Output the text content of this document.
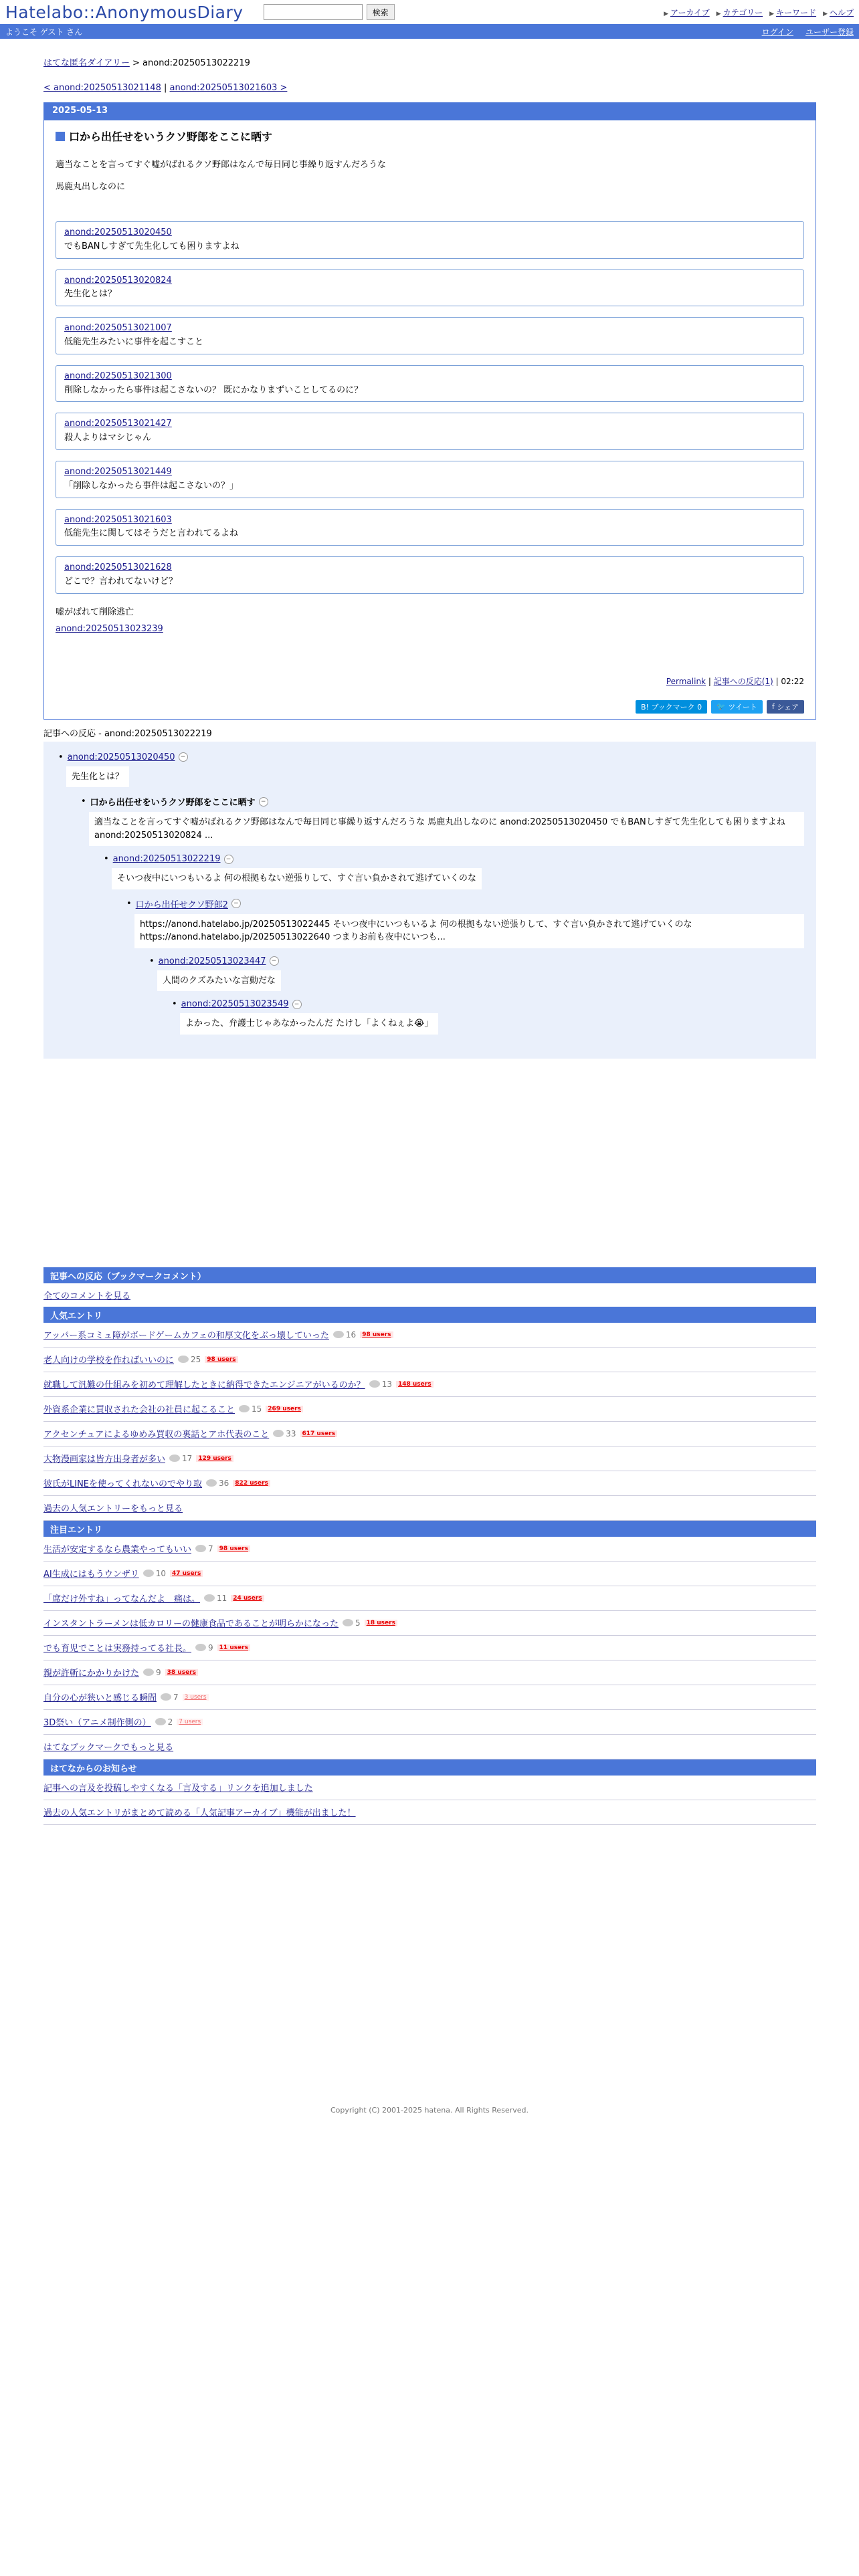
Hatelabo::AnonymousDiary	検索	▶ アーカイブ	▶ カテゴリー	▶ キーワード	▶ ヘルプ
ようこそ ゲスト さん	ログイン ユーザー登録
はてな匿名ダイアリー > anond:20250513022219
< anond:20250513021148 | anond:20250513021603 >
2025-05-13
口から出任せをいうクソ野郎をここに晒す
適当なことを言ってすぐ嘘がばれるクソ野郎はなんで毎日同じ事繰り返すんだろうな
馬鹿丸出しなのに
anond:20250513020450
でもBANしすぎて先生化しても困りますよね
anond:20250513020824
先生化とは？
anond:20250513021007
低能先生みたいに事件を起こすこと
anond:20250513021300
削除しなかったら事件は起こさないの？ 既にかなりまずいことしてるのに？
anond:20250513021427
殺人よりはマシじゃん
anond:20250513021449
「削除しなかったら事件は起こさないの？」
anond:20250513021603
低能先生に関してはそうだと言われてるよね
anond:20250513021628
どこで？言われてないけど？
嘘がばれて削除逃亡
anond:20250513023239
Permalink | 記事への反応(1) | 02:22
B! ブックマーク 0	🐦 ツイート f シェア
記事への反応 - anond:20250513022219
• anond:20250513020450 −
先生化とは？
• 口から出任せをいうクソ野郎をここに晒す −
適当なことを言ってすぐ嘘がばれるクソ野郎はなんで毎日同じ事繰り返すんだろうな 馬鹿丸出しなのに anond:20250513020450 でもBANしすぎて先生化しても困りますよね anond:20250513020824 ...
• anond:20250513022219 −
そいつ夜中にいつもいるよ 何の根拠もない逆張りして、すぐ言い負かされて逃げていくのな
• 口から出任せクソ野郎2 −
https://anond.hatelabo.jp/20250513022445 そいつ夜中にいつもいるよ 何の根拠もない逆張りして、すぐ言い負かされて逃げていくのな https://anond.hatelabo.jp/20250513022640 つまりお前も夜中にいつも...
• anond:20250513023447 −
人間のクズみたいな言動だな
• anond:20250513023549 −
よかった、弁護士じゃあなかったんだ たけし「よくねぇよ😭」
記事への反応（ブックマークコメント）
全てのコメントを見る
人気エントリ
アッパー系コミュ障がボードゲームカフェの和厚文化をぶっ壊していった	16	98 users
老人向けの学校を作ればいいのに	25	98 users
就職して汎難の仕組みを初めて理解したときに納得できたエンジニアがいるのか？	13	148 users
外資系企業に買収された会社の社員に起こること	15	269 users
アクセンチュアによるゆめみ買収の裏話とアホ代表のこと	33	617 users
大物漫画家は皆方出身者が多い	17	129 users
彼氏がLINEを使ってくれないのでやり取	36	822 users
過去の人気エントリーをもっと見る
注目エントリ
生活が安定するなら農業やってもいい	7	98 users
AI生成にはもうウンザリ	10	47 users
「席だけ外すね」ってなんだよ　痛は。	11	24 users
インスタントラーメンは低カロリーの健康食品であることが明らかになった	5	18 users
でも育児でことは実務持ってる社長。	9	11 users
親が許斬にかかりかけた	9	38 users
自分の心が狭いと感じる瞬間	7	3 users
3D祭い（アニメ制作側の）	2	7 users
はてなブックマークでもっと見る
はてなからのお知らせ
記事への言及を投稿しやすくなる「言及する」リンクを追加しました
過去の人気エントリがまとめて読める「人気記事アーカイブ」機能が出ました！
Copyright (C) 2001-2025 hatena. All Rights Reserved.
